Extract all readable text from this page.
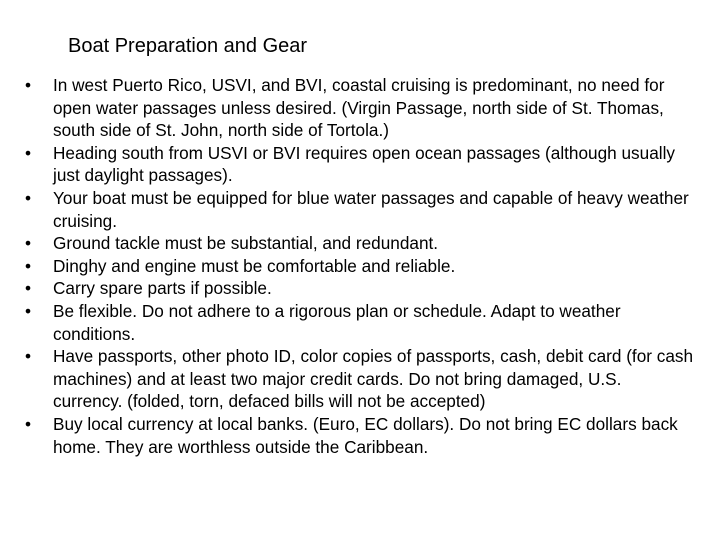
Boat Preparation and Gear
• In west Puerto Rico, USVI, and BVI, coastal cruising is predominant, no need for open water passages unless desired. (Virgin Passage, north side of St. Thomas, south side of St. John, north side of Tortola.)
• Heading south from USVI or BVI requires open ocean passages (although usually just daylight passages).
• Your boat must be equipped for blue water passages and capable of heavy weather cruising.
• Ground tackle must be substantial, and redundant.
• Dinghy and engine must be comfortable and reliable.
• Carry spare parts if possible.
• Be flexible. Do not adhere to a rigorous plan or schedule. Adapt to weather conditions.
• Have passports, other photo ID, color copies of passports, cash, debit card (for cash machines) and at least two major credit cards. Do not bring damaged, U.S. currency. (folded, torn, defaced bills will not be accepted)
• Buy local currency at local banks. (Euro, EC dollars). Do not bring EC dollars back home. They are worthless outside the Caribbean.
